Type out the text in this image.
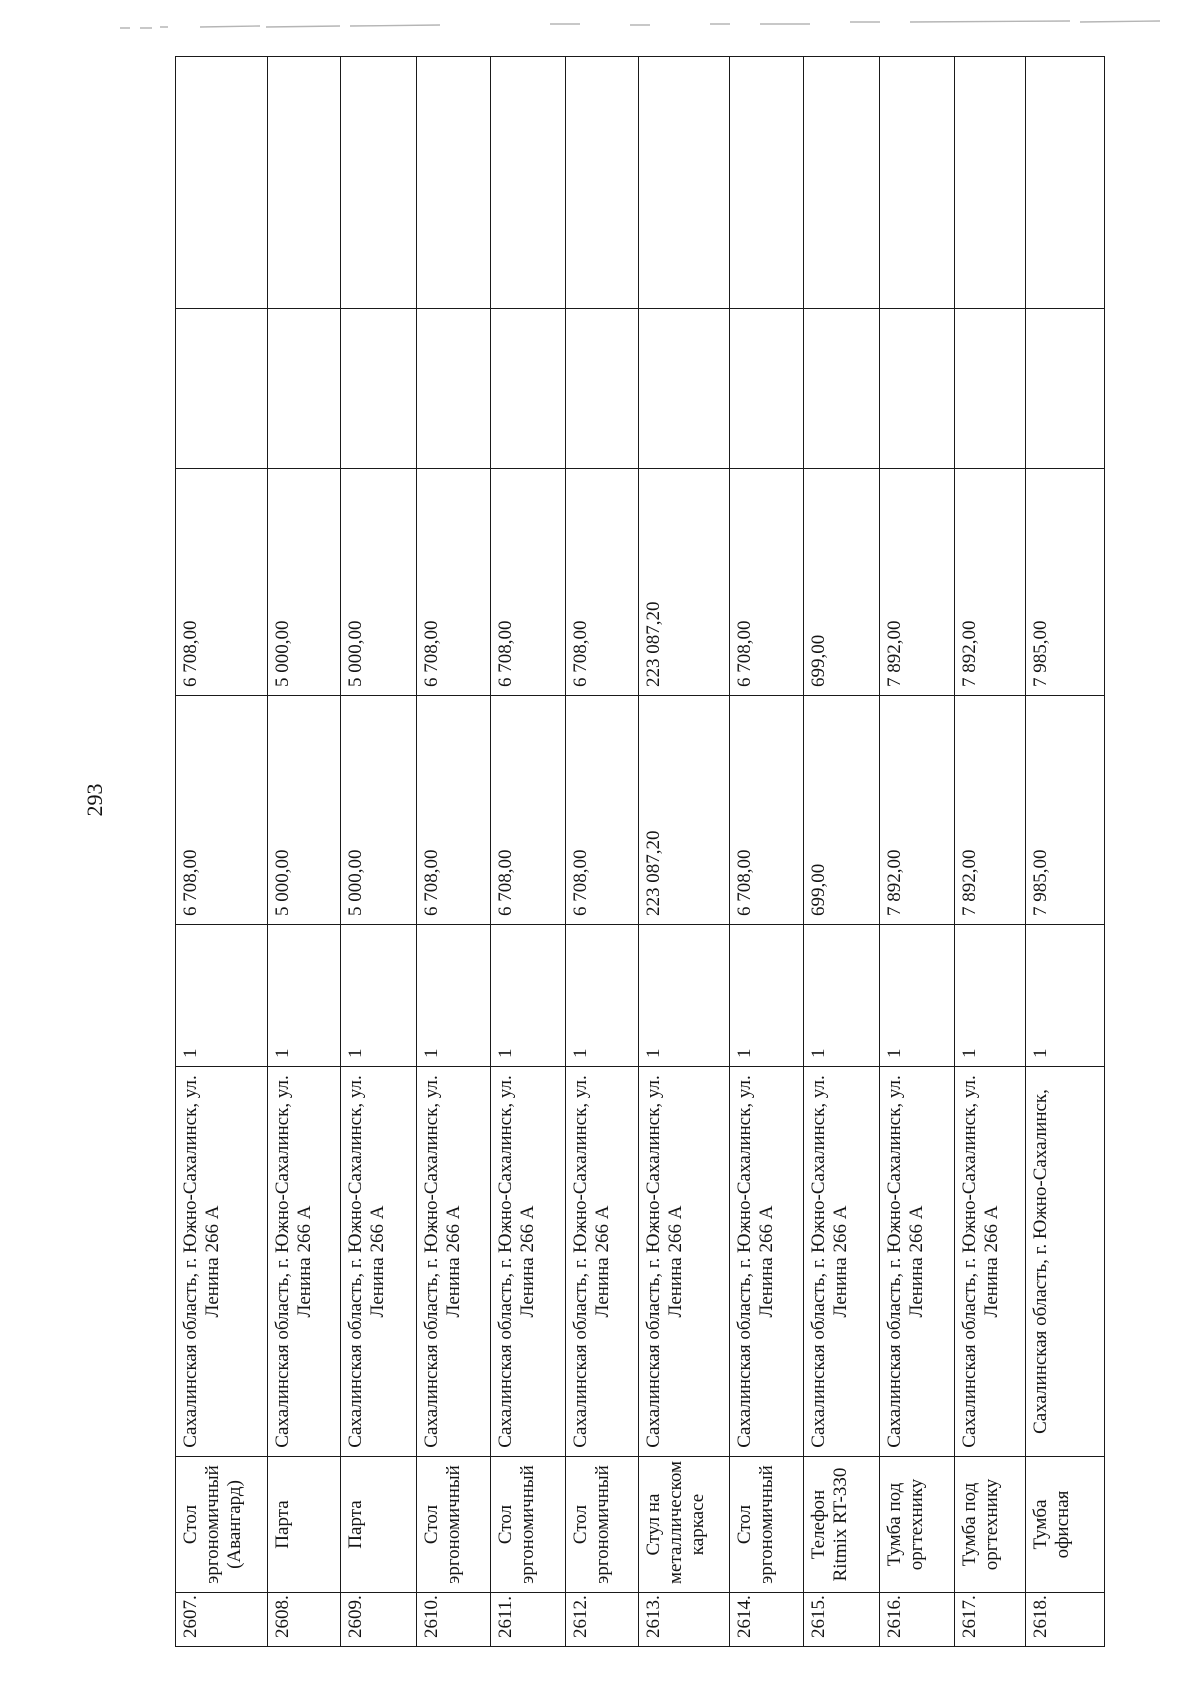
293
2607.	Стол эргономичный (Авангард)	Сахалинская область, г. Южно-Сахалинск, ул. Ленина 266 А	1	6 708,00	6 708,00		
2608.	Парта	Сахалинская область, г. Южно-Сахалинск, ул. Ленина 266 А	1	5 000,00	5 000,00		
2609.	Парта	Сахалинская область, г. Южно-Сахалинск, ул. Ленина 266 А	1	5 000,00	5 000,00		
2610.	Стол эргономичный	Сахалинская область, г. Южно-Сахалинск, ул. Ленина 266 А	1	6 708,00	6 708,00		
2611.	Стол эргономичный	Сахалинская область, г. Южно-Сахалинск, ул. Ленина 266 А	1	6 708,00	6 708,00		
2612.	Стол эргономичный	Сахалинская область, г. Южно-Сахалинск, ул. Ленина 266 А	1	6 708,00	6 708,00		
2613.	Стул на металлическом каркасе	Сахалинская область, г. Южно-Сахалинск, ул. Ленина 266 А	1	223 087,20	223 087,20		
2614.	Стол эргономичный	Сахалинская область, г. Южно-Сахалинск, ул. Ленина 266 А	1	6 708,00	6 708,00		
2615.	Телефон Ritmix RT-330	Сахалинская область, г. Южно-Сахалинск, ул. Ленина 266 А	1	699,00	699,00		
2616.	Тумба под оргтехнику	Сахалинская область, г. Южно-Сахалинск, ул. Ленина 266 А	1	7 892,00	7 892,00		
2617.	Тумба под оргтехнику	Сахалинская область, г. Южно-Сахалинск, ул. Ленина 266 А	1	7 892,00	7 892,00		
2618.	Тумба офисная	Сахалинская область, г. Южно-Сахалинск,	1	7 985,00	7 985,00		
